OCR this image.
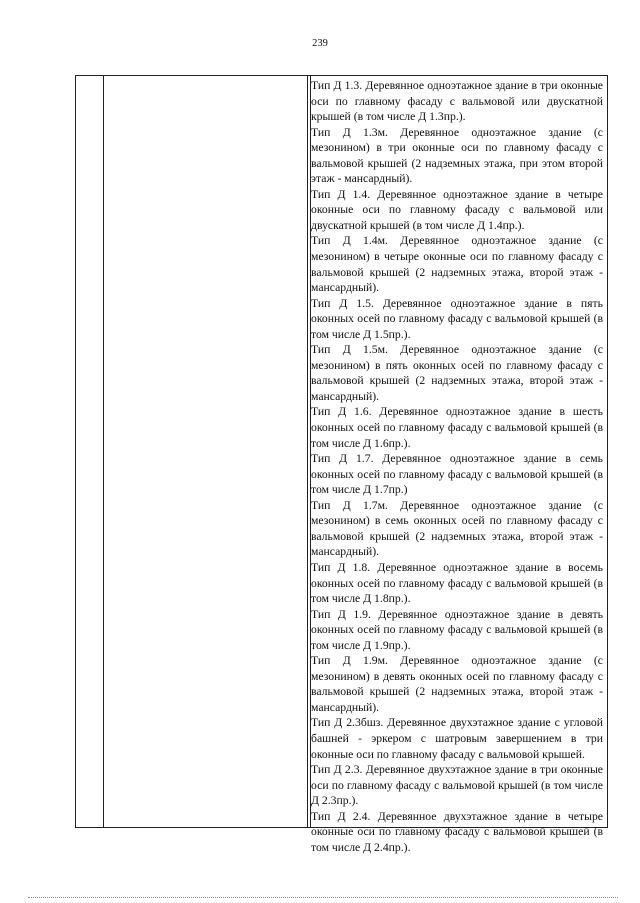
239

Тип Д 1.3. Деревянное одноэтажное здание в три оконные оси по главному фасаду с вальмовой или двускатной крышей (в том числе Д 1.3пр.).

Тип Д 1.3м. Деревянное одноэтажное здание (с мезонином) в три оконные оси по главному фасаду с вальмовой крышей (2 надземных этажа, при этом второй этаж - мансардный).

Тип Д 1.4. Деревянное одноэтажное здание в четыре оконные оси по главному фасаду с вальмовой или двускатной крышей (в том числе Д 1.4пр.).

Тип Д 1.4м. Деревянное одноэтажное здание (с мезонином) в четыре оконные оси по главному фасаду с вальмовой крышей (2 надземных этажа, второй этаж - мансардный).

Тип Д 1.5. Деревянное одноэтажное здание в пять оконных осей по главному фасаду с вальмовой крышей (в том числе Д 1.5пр.).

Тип Д 1.5м. Деревянное одноэтажное здание (с мезонином) в пять оконных осей по главному фасаду с вальмовой крышей (2 надземных этажа, второй этаж - мансардный).

Тип Д 1.6. Деревянное одноэтажное здание в шесть оконных осей по главному фасаду с вальмовой крышей (в том числе Д 1.6пр.).

Тип Д 1.7. Деревянное одноэтажное здание в семь оконных осей по главному фасаду с вальмовой крышей (в том числе Д 1.7пр.)

Тип Д 1.7м. Деревянное одноэтажное здание (с мезонином) в семь оконных осей по главному фасаду с вальмовой крышей (2 надземных этажа, второй этаж - мансардный).

Тип Д 1.8. Деревянное одноэтажное здание в восемь оконных осей по главному фасаду с вальмовой крышей (в том числе Д 1.8пр.).

Тип Д 1.9. Деревянное одноэтажное здание в девять оконных осей по главному фасаду с вальмовой крышей (в том числе Д 1.9пр.).

Тип Д 1.9м. Деревянное одноэтажное здание (с мезонином) в девять оконных осей по главному фасаду с вальмовой крышей (2 надземных этажа, второй этаж - мансардный).

Тип Д 2.3бшз. Деревянное двухэтажное здание с угловой башней - эркером с шатровым завершением в три оконные оси по главному фасаду с вальмовой крышей.

Тип Д 2.3. Деревянное двухэтажное здание в три оконные оси по главному фасаду с вальмовой крышей (в том числе Д 2.3пр.).

Тип Д 2.4. Деревянное двухэтажное здание в четыре оконные оси по главному фасаду с вальмовой крышей (в том числе Д 2.4пр.).
